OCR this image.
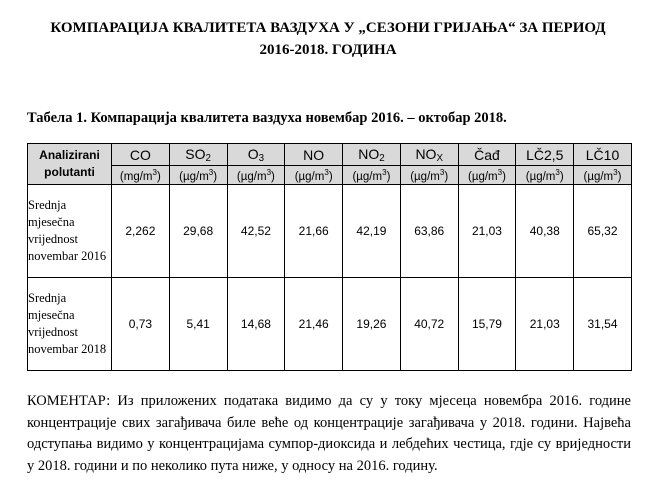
КОМПАРАЦИЈА КВАЛИТЕТА ВАЗДУХА У „СЕЗОНИ ГРИЈАЊА“ ЗА ПЕРИОД
2016-2018. ГОДИНА
Табела 1. Компарација квалитета ваздуха новембар 2016. – октобар 2018.
Analizirani polutanti	CO	$SO_2$	$O_3$	NO	$NO_2$	$NO_X$	Čađ	LČ2,5	LČ10
	$(mg/m^3)$	$(\mu g/m^3)$	$(\mu g/m^3)$	$(\mu g/m^3)$	$(\mu g/m^3)$	$(\mu g/m^3)$	$(\mu g/m^3)$	$(\mu g/m^3)$	$(\mu g/m^3)$
Srednja mjesečna vrijednost novembar 2016	2,262	29,68	42,52	21,66	42,19	63,86	21,03	40,38	65,32
Srednja mjesečna vrijednost novembar 2018	0,73	5,41	14,68	21,46	19,26	40,72	15,79	21,03	31,54
КОМЕНТАР: Из приложених података видимо да су у току мјесеца новембра 2016. године концентрације свих загађивача биле веће од концентрације загађивача у 2018. години. Највећа одступања видимо у концентрацијама сумпор-диоксида и лебдећих честица, гдје су вриједности у 2018. години и по неколико пута ниже, у односу на 2016. годину.
